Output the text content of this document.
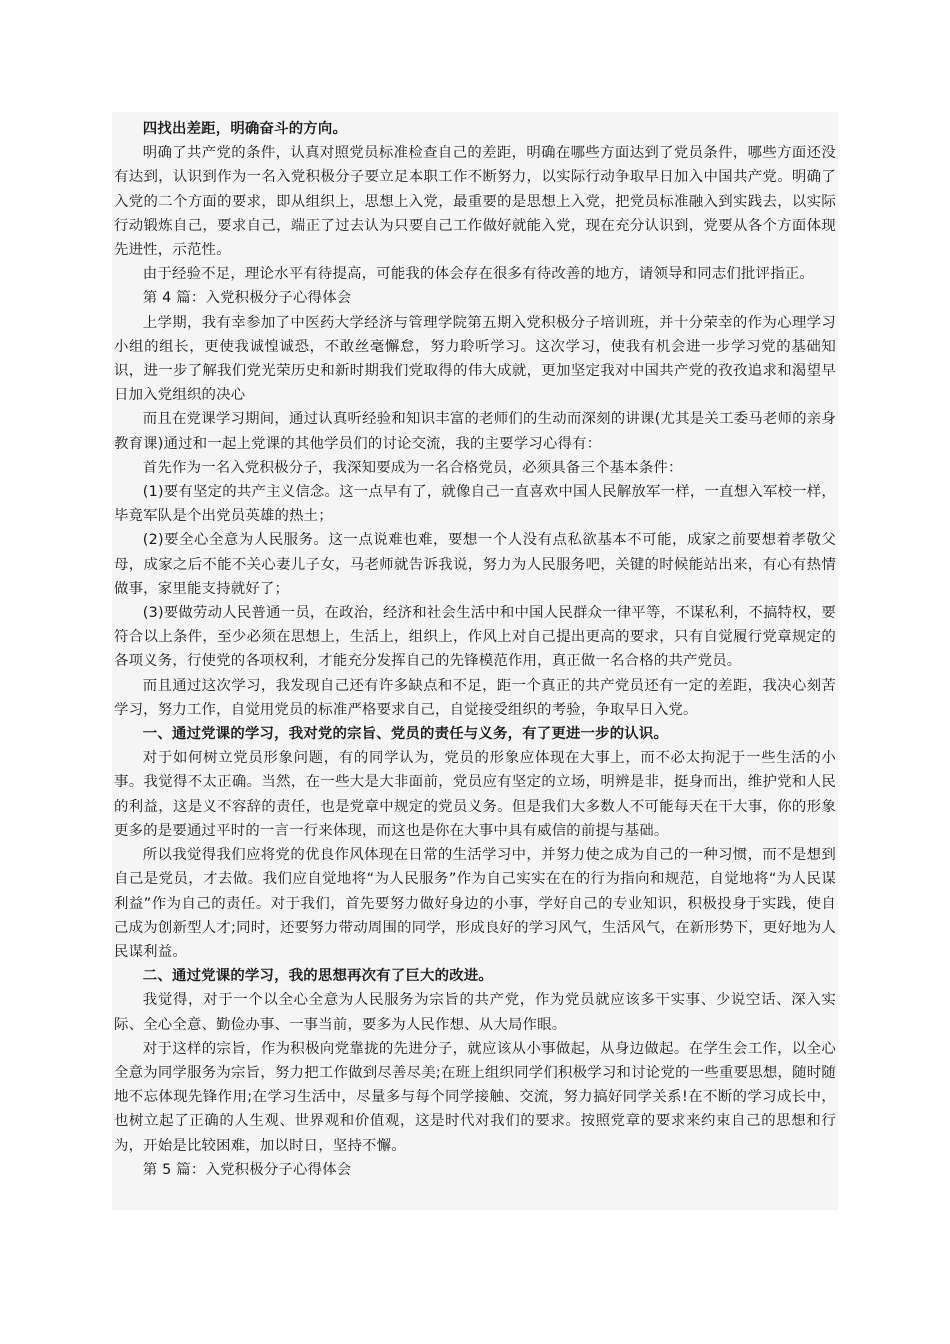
四找出差距，明确奋斗的方向。

明确了共产党的条件，认真对照党员标准检查自己的差距，明确在哪些方面达到了党员条件，哪些方面还没有达到，认识到作为一名入党积极分子要立足本职工作不断努力，以实际行动争取早日加入中国共产党。明确了入党的二个方面的要求，即从组织上，思想上入党，最重要的是思想上入党，把党员标准融入到实践去，以实际行动锻炼自己，要求自己，端正了过去认为只要自己工作做好就能入党，现在充分认识到，党要从各个方面体现先进性，示范性。

由于经验不足，理论水平有待提高，可能我的体会存在很多有待改善的地方，请领导和同志们批评指正。

第 4 篇：入党积极分子心得体会

上学期，我有幸参加了中医药大学经济与管理学院第五期入党积极分子培训班，并十分荣幸的作为心理学习小组的组长，更使我诚惶诚恐，不敢丝毫懈怠，努力聆听学习。这次学习，使我有机会进一步学习党的基础知识，进一步了解我们党光荣历史和新时期我们党取得的伟大成就，更加坚定我对中国共产党的孜孜追求和渴望早日加入党组织的决心

而且在党课学习期间，通过认真听经验和知识丰富的老师们的生动而深刻的讲课(尤其是关工委马老师的亲身教育课)通过和一起上党课的其他学员们的讨论交流，我的主要学习心得有：

首先作为一名入党积极分子，我深知要成为一名合格党员，必须具备三个基本条件：

(1)要有坚定的共产主义信念。这一点早有了，就像自己一直喜欢中国人民解放军一样，一直想入军校一样，毕竟军队是个出党员英雄的热土；

(2)要全心全意为人民服务。这一点说难也难，要想一个人没有点私欲基本不可能，成家之前要想着孝敬父母，成家之后不能不关心妻儿子女，马老师就告诉我说，努力为人民服务吧，关键的时候能站出来，有心有热情做事，家里能支持就好了；

(3)要做劳动人民普通一员，在政治，经济和社会生活中和中国人民群众一律平等，不谋私利，不搞特权，要符合以上条件，至少必须在思想上，生活上，组织上，作风上对自己提出更高的要求，只有自觉履行党章规定的各项义务，行使党的各项权利，才能充分发挥自己的先锋模范作用，真正做一名合格的共产党员。

而且通过这次学习，我发现自己还有许多缺点和不足，距一个真正的共产党员还有一定的差距，我决心刻苦学习，努力工作，自觉用党员的标准严格要求自己，自觉接受组织的考验，争取早日入党。

一、通过党课的学习，我对党的宗旨、党员的责任与义务，有了更进一步的认识。

对于如何树立党员形象问题，有的同学认为，党员的形象应体现在大事上，而不必太拘泥于一些生活的小事。我觉得不太正确。当然，在一些大是大非面前，党员应有坚定的立场，明辨是非，挺身而出，维护党和人民的利益，这是义不容辞的责任，也是党章中规定的党员义务。但是我们大多数人不可能每天在干大事，你的形象更多的是要通过平时的一言一行来体现，而这也是你在大事中具有威信的前提与基础。

所以我觉得我们应将党的优良作风体现在日常的生活学习中，并努力使之成为自己的一种习惯，而不是想到自己是党员，才去做。我们应自觉地将“为人民服务”作为自己实实在在的行为指向和规范，自觉地将“为人民谋利益”作为自己的责任。对于我们，首先要努力做好身边的小事，学好自己的专业知识，积极投身于实践，使自己成为创新型人才;同时，还要努力带动周围的同学，形成良好的学习风气，生活风气，在新形势下，更好地为人民谋利益。

二、通过党课的学习，我的思想再次有了巨大的改进。

我觉得，对于一个以全心全意为人民服务为宗旨的共产党，作为党员就应该多干实事、少说空话、深入实际、全心全意、勤俭办事、一事当前，要多为人民作想、从大局作眼。

对于这样的宗旨，作为积极向党靠拢的先进分子，就应该从小事做起，从身边做起。在学生会工作，以全心全意为同学服务为宗旨，努力把工作做到尽善尽美;在班上组织同学们积极学习和讨论党的一些重要思想，随时随地不忘体现先锋作用;在学习生活中，尽量多与每个同学接触、交流，努力搞好同学关系!在不断的学习成长中，也树立起了正确的人生观、世界观和价值观，这是时代对我们的要求。按照党章的要求来约束自己的思想和行为，开始是比较困难，加以时日，坚持不懈。

第 5 篇：入党积极分子心得体会
